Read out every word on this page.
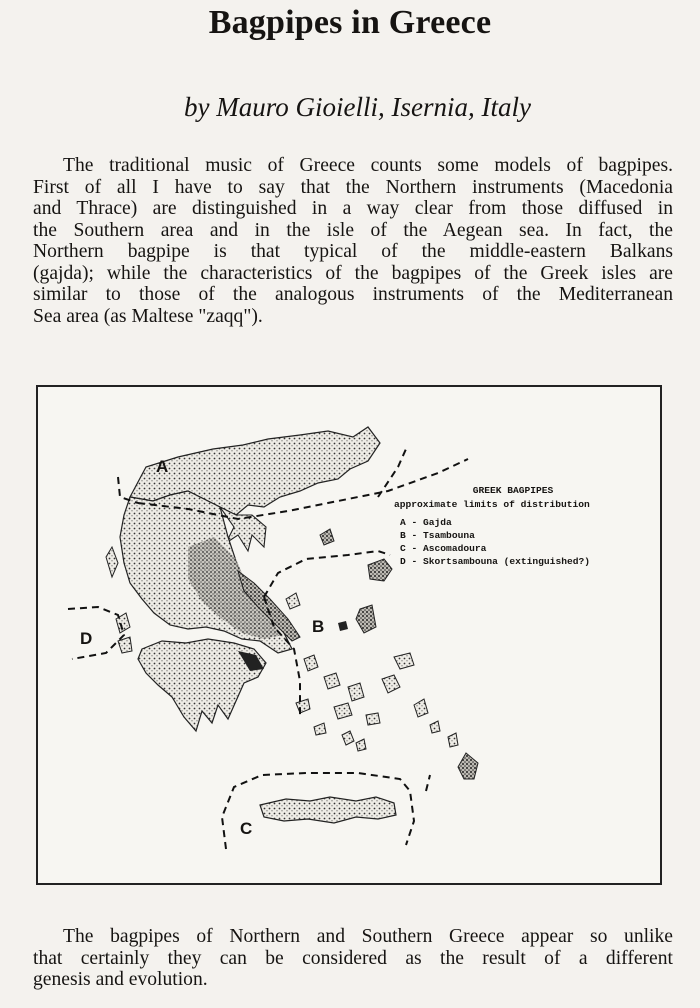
Bagpipes in Greece
by Mauro Gioielli, Isernia, Italy
The traditional music of Greece counts some models of bagpipes.
First of all I have to say that the Northern instruments (Macedonia
and Thrace) are distinguished in a way clear from those diffused in
the Southern area and in the isle of the Aegean sea. In fact, the
Northern bagpipe is that typical of the middle-eastern Balkans
(gajda); while the characteristics of the bagpipes of the Greek isles are
similar to those of the analogous instruments of the Mediterranean
Sea area (as Maltese "zaqq").
A
B
C
D
GREEK BAGPIPES
approximate limits of distribution
A - Gajda
B - Tsambouna
C - Ascomadoura
D - Skortsambouna (extinguished?)
The bagpipes of Northern and Southern Greece appear so unlike
that certainly they can be considered as the result of a different
genesis and evolution.
